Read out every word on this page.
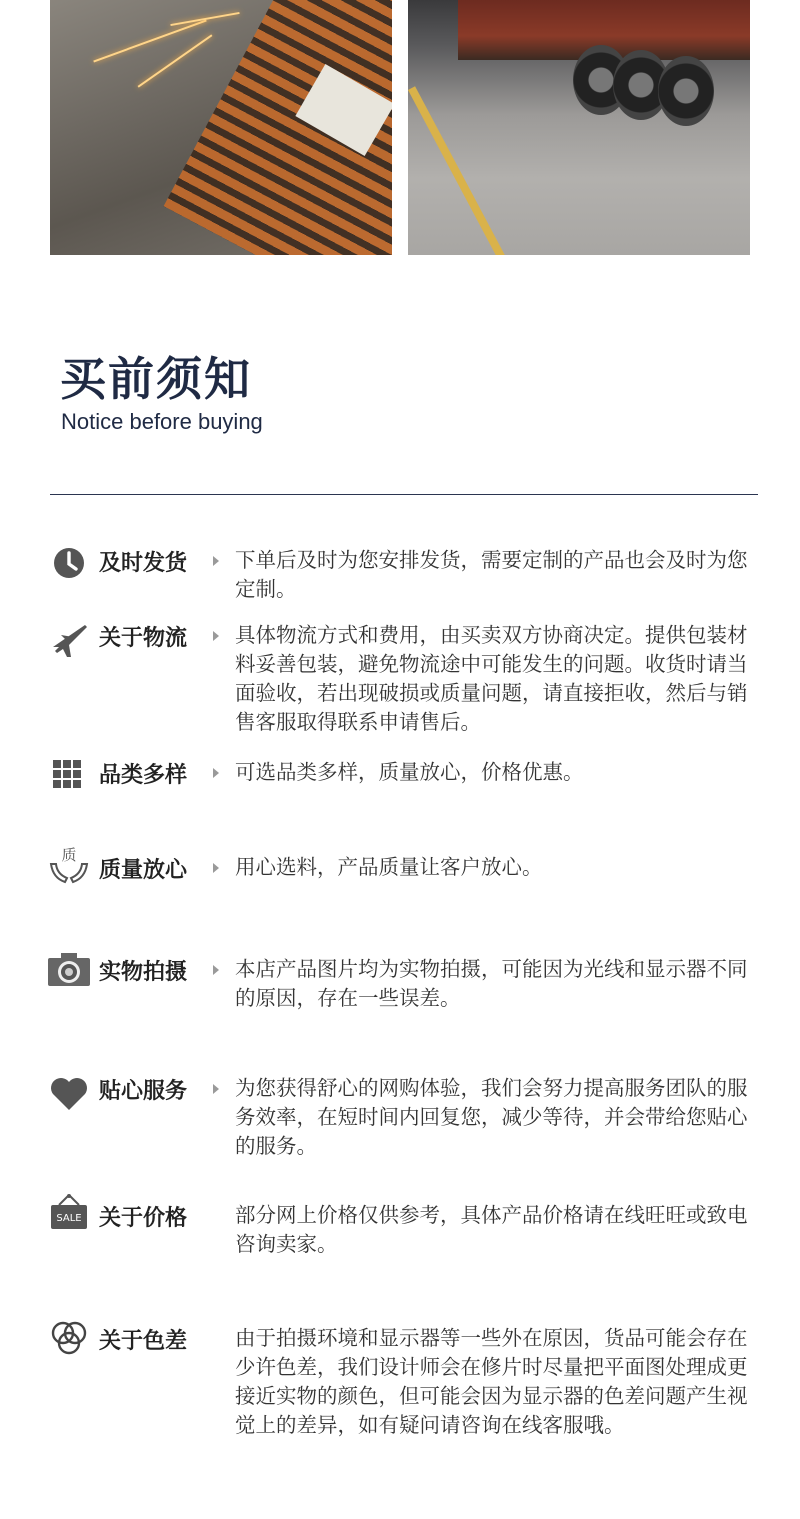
买前须知

Notice before buying

及时发货 下单后及时为您安排发货，需要定制的产品也会及时为您定制。

关于物流 具体物流方式和费用，由买卖双方协商决定。提供包装材料妥善包装，避免物流途中可能发生的问题。收货时请当面验收，若出现破损或质量问题，请直接拒收，然后与销售客服取得联系申请售后。

品类多样 可选品类多样，质量放心，价格优惠。

质
质量放心 用心选料，产品质量让客户放心。

实物拍摄 本店产品图片均为实物拍摄，可能因为光线和显示器不同的原因，存在一些误差。

贴心服务 为您获得舒心的网购体验，我们会努力提高服务团队的服务效率，在短时间内回复您，减少等待，并会带给您贴心的服务。

SALE 关于价格 部分网上价格仅供参考，具体产品价格请在线旺旺或致电咨询卖家。

关于色差 由于拍摄环境和显示器等一些外在原因，货品可能会存在少许色差，我们设计师会在修片时尽量把平面图处理成更接近实物的颜色，但可能会因为显示器的色差问题产生视觉上的差异，如有疑问请咨询在线客服哦。
